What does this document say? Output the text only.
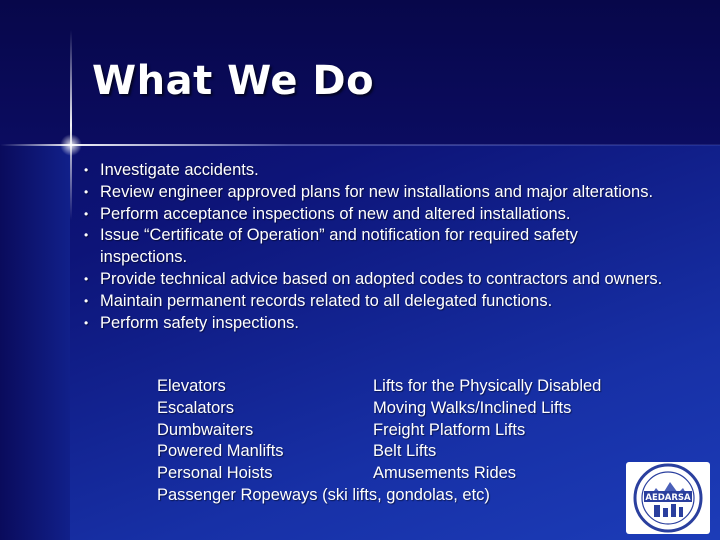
What We Do
• Investigate accidents.
• Review engineer approved plans for new installations and major alterations.
• Perform acceptance inspections of new and altered installations.
• Issue “Certificate of Operation” and notification for required safety inspections.
• Provide technical advice based on adopted codes to contractors and owners.
• Maintain permanent records related to all delegated functions.
• Perform safety inspections.
Elevators	Lifts for the Physically Disabled
Escalators	Moving Walks/Inclined Lifts
Dumbwaiters	Freight Platform Lifts
Powered Manlifts	Belt Lifts
Personal Hoists	Amusements Rides
Passenger Ropeways (ski lifts, gondolas, etc)	AEDARSA
